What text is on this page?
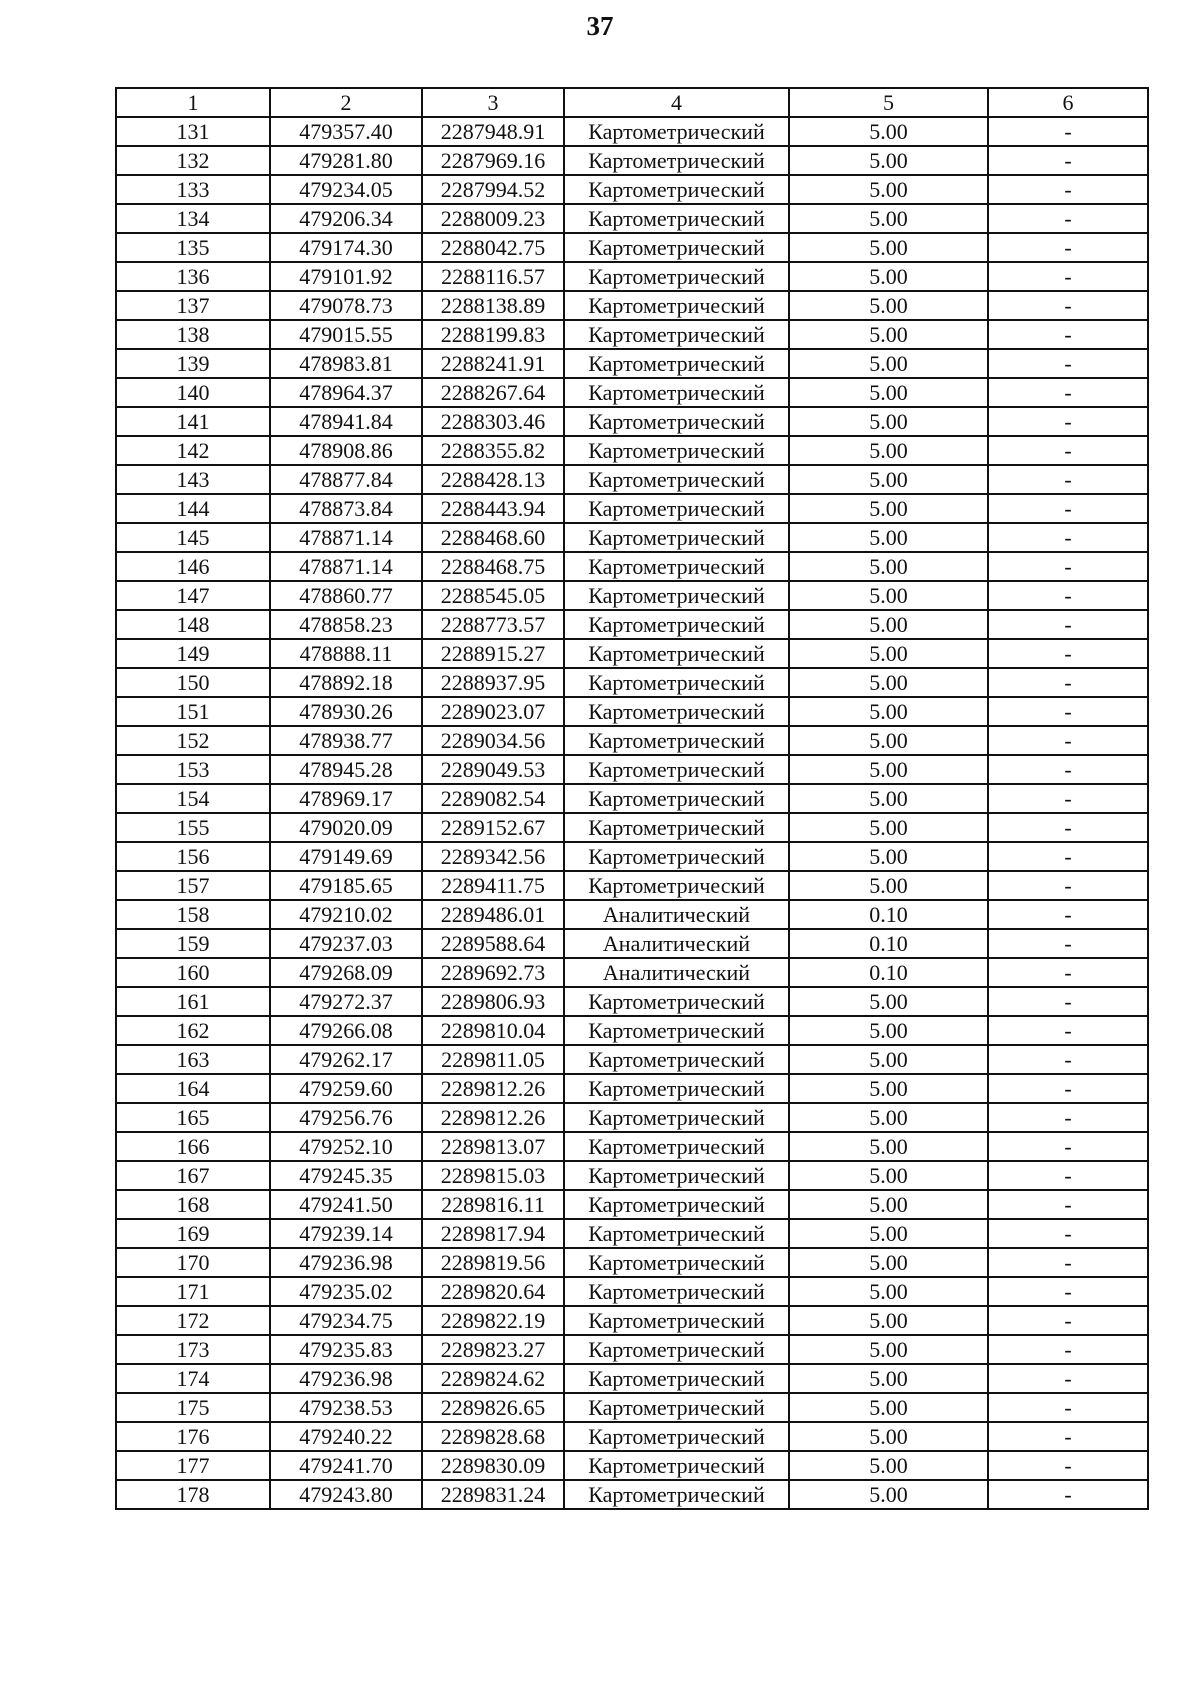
37
1	2	3	4	5	6
131	479357.40	2287948.91	Картометрический	5.00	-
132	479281.80	2287969.16	Картометрический	5.00	-
133	479234.05	2287994.52	Картометрический	5.00	-
134	479206.34	2288009.23	Картометрический	5.00	-
135	479174.30	2288042.75	Картометрический	5.00	-
136	479101.92	2288116.57	Картометрический	5.00	-
137	479078.73	2288138.89	Картометрический	5.00	-
138	479015.55	2288199.83	Картометрический	5.00	-
139	478983.81	2288241.91	Картометрический	5.00	-
140	478964.37	2288267.64	Картометрический	5.00	-
141	478941.84	2288303.46	Картометрический	5.00	-
142	478908.86	2288355.82	Картометрический	5.00	-
143	478877.84	2288428.13	Картометрический	5.00	-
144	478873.84	2288443.94	Картометрический	5.00	-
145	478871.14	2288468.60	Картометрический	5.00	-
146	478871.14	2288468.75	Картометрический	5.00	-
147	478860.77	2288545.05	Картометрический	5.00	-
148	478858.23	2288773.57	Картометрический	5.00	-
149	478888.11	2288915.27	Картометрический	5.00	-
150	478892.18	2288937.95	Картометрический	5.00	-
151	478930.26	2289023.07	Картометрический	5.00	-
152	478938.77	2289034.56	Картометрический	5.00	-
153	478945.28	2289049.53	Картометрический	5.00	-
154	478969.17	2289082.54	Картометрический	5.00	-
155	479020.09	2289152.67	Картометрический	5.00	-
156	479149.69	2289342.56	Картометрический	5.00	-
157	479185.65	2289411.75	Картометрический	5.00	-
158	479210.02	2289486.01	Аналитический	0.10	-
159	479237.03	2289588.64	Аналитический	0.10	-
160	479268.09	2289692.73	Аналитический	0.10	-
161	479272.37	2289806.93	Картометрический	5.00	-
162	479266.08	2289810.04	Картометрический	5.00	-
163	479262.17	2289811.05	Картометрический	5.00	-
164	479259.60	2289812.26	Картометрический	5.00	-
165	479256.76	2289812.26	Картометрический	5.00	-
166	479252.10	2289813.07	Картометрический	5.00	-
167	479245.35	2289815.03	Картометрический	5.00	-
168	479241.50	2289816.11	Картометрический	5.00	-
169	479239.14	2289817.94	Картометрический	5.00	-
170	479236.98	2289819.56	Картометрический	5.00	-
171	479235.02	2289820.64	Картометрический	5.00	-
172	479234.75	2289822.19	Картометрический	5.00	-
173	479235.83	2289823.27	Картометрический	5.00	-
174	479236.98	2289824.62	Картометрический	5.00	-
175	479238.53	2289826.65	Картометрический	5.00	-
176	479240.22	2289828.68	Картометрический	5.00	-
177	479241.70	2289830.09	Картометрический	5.00	-
178	479243.80	2289831.24	Картометрический	5.00	-
